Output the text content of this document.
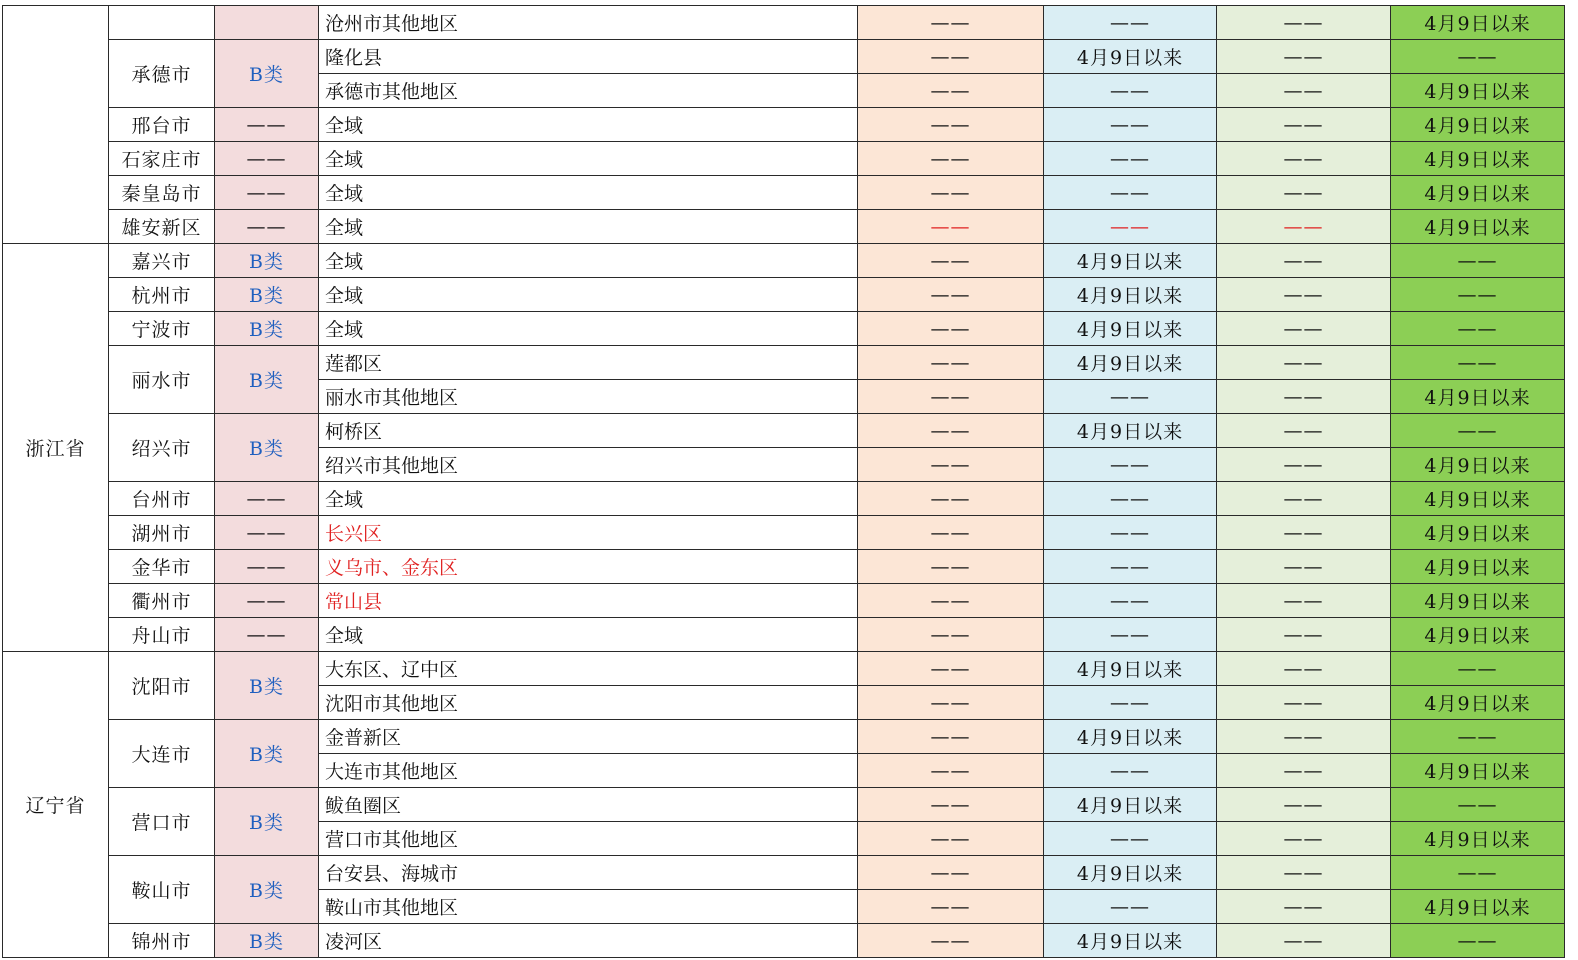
			沧州市其他地区	——	——	——	4月9日以来
	承德市	B类	隆化县	——	4月9日以来	——	——
			承德市其他地区	——	——	——	4月9日以来
	邢台市	——	全域	——	——	——	4月9日以来
	石家庄市	——	全域	——	——	——	4月9日以来
	秦皇岛市	——	全域	——	——	——	4月9日以来
	雄安新区	——	全域	——	——	——	4月9日以来
浙江省	嘉兴市	B类	全域	——	4月9日以来	——	——
	杭州市	B类	全域	——	4月9日以来	——	——
	宁波市	B类	全域	——	4月9日以来	——	——
	丽水市	B类	莲都区	——	4月9日以来	——	——
			丽水市其他地区	——	——	——	4月9日以来
	绍兴市	B类	柯桥区	——	4月9日以来	——	——
			绍兴市其他地区	——	——	——	4月9日以来
	台州市	——	全域	——	——	——	4月9日以来
	湖州市	——	长兴区	——	——	——	4月9日以来
	金华市	——	义乌市、金东区	——	——	——	4月9日以来
	衢州市	——	常山县	——	——	——	4月9日以来
	舟山市	——	全域	——	——	——	4月9日以来
辽宁省	沈阳市	B类	大东区、辽中区	——	4月9日以来	——	——
			沈阳市其他地区	——	——	——	4月9日以来
	大连市	B类	金普新区	——	4月9日以来	——	——
			大连市其他地区	——	——	——	4月9日以来
	营口市	B类	鲅鱼圈区	——	4月9日以来	——	——
			营口市其他地区	——	——	——	4月9日以来
	鞍山市	B类	台安县、海城市	——	4月9日以来	——	——
			鞍山市其他地区	——	——	——	4月9日以来
	锦州市	B类	凌河区	——	4月9日以来	——	——
